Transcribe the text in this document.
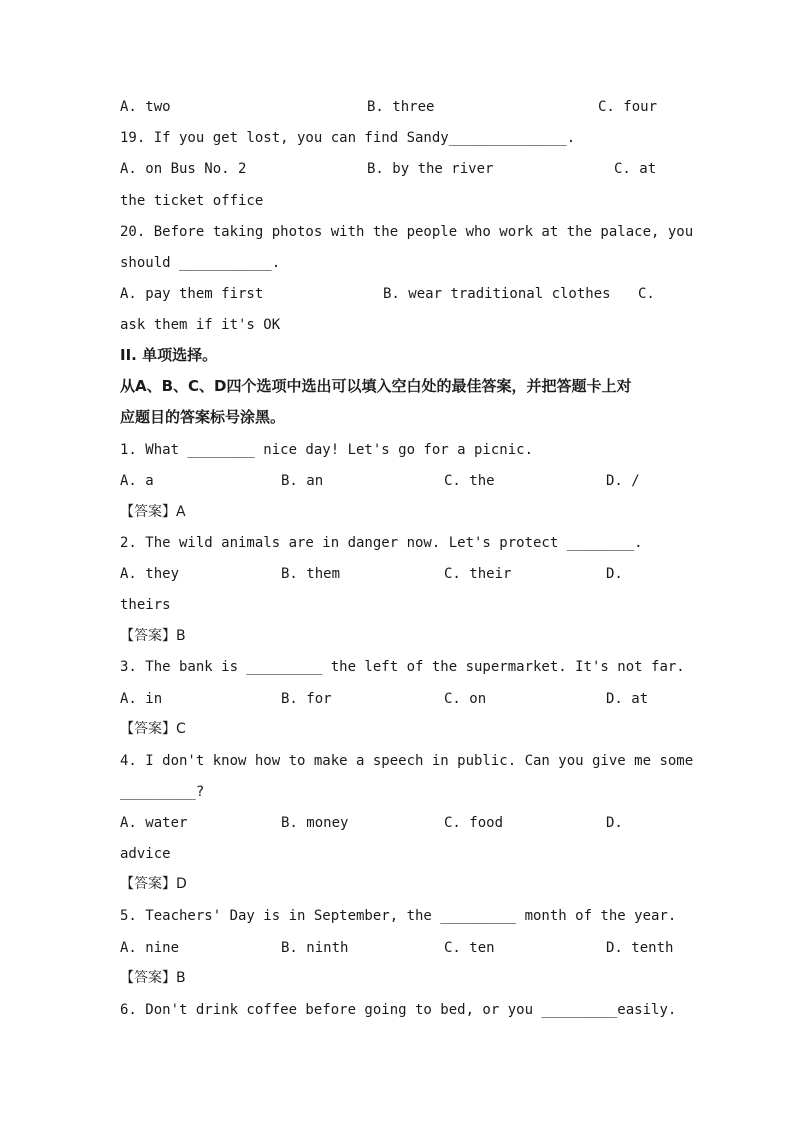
A. two	B. three	C. four
19. If you get lost, you can find Sandy______________.
A. on Bus No. 2	B. by the river	C. at
the ticket office
20. Before taking photos with the people who work at the palace, you
should ___________.
A. pay them first	B. wear traditional clothes C.
ask them if it's OK
II. 单项选择。
从A、B、C、D四个选项中选出可以填入空白处的最佳答案，并把答题卡上对
应题目的答案标号涂黑。
1. What ________ nice day! Let's go for a picnic.
A. a	B. an	C. the	D. /
【答案】A
2. The wild animals are in danger now. Let's protect ________.
A. they	B. them	C. their	D.
theirs
【答案】B
3. The bank is _________ the left of the supermarket. It's not far.
A. in	B. for	C. on	D. at
【答案】C
4. I don't know how to make a speech in public. Can you give me some
_________?
A. water	B. money	C. food	D.
advice
【答案】D
5. Teachers' Day is in September, the _________ month of the year.
A. nine	B. ninth	C. ten	D. tenth
【答案】B
6. Don't drink coffee before going to bed, or you _________easily.
